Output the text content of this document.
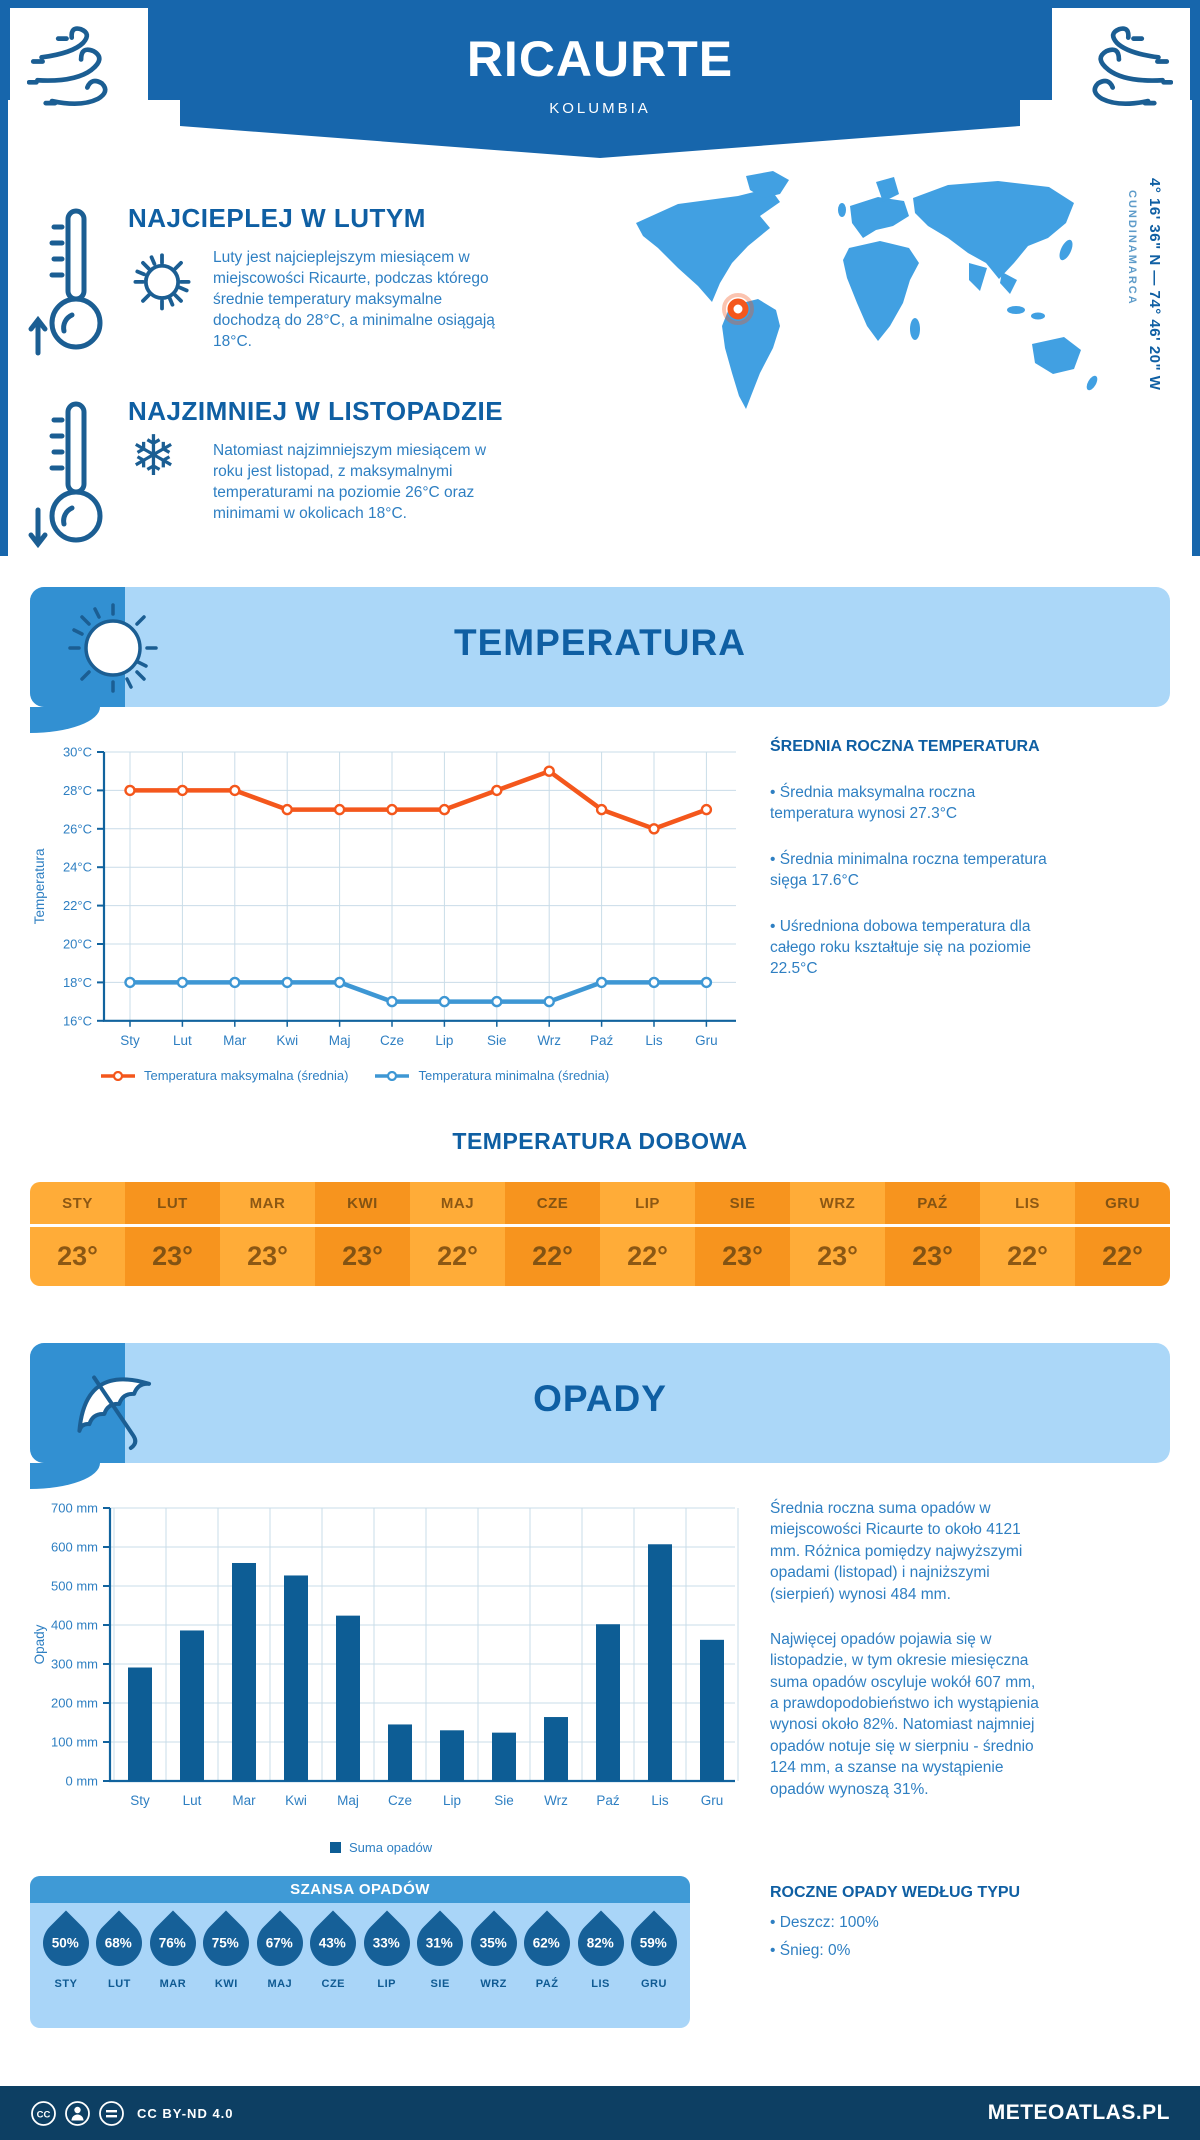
RICAURTE
KOLUMBIA
NAJCIEPLEJ W LUTYM
Luty jest najcieplejszym miesiącem w miejscowości Ricaurte, podczas którego średnie temperatury maksymalne dochodzą do 28°C, a minimalne osiągają 18°C.
NAJZIMNIEJ W LISTOPADZIE
❄ Natomiast najzimniejszym miesiącem w roku jest listopad, z maksymalnymi temperaturami na poziomie 26°C oraz minimami w okolicach 18°C.
CUNDINAMARCA 4° 16' 36" N — 74° 46' 20" W
TEMPERATURA
30°C
28°C
26°C
24°C
22°C
20°C
18°C
16°C
Sty Lut Mar Kwi Maj Cze Lip Sie Wrz Paź Lis Gru
Temperatura
Temperatura maksymalna (średnia)	Temperatura minimalna (średnia)
ŚREDNIA ROCZNA TEMPERATURA

• Średnia maksymalna roczna temperatura wynosi 27.3°C

• Średnia minimalna roczna temperatura sięga 17.6°C

• Uśredniona dobowa temperatura dla całego roku kształtuje się na poziomie 22.5°C

TEMPERATURA DOBOWA
STY
23°
LUT
23°
MAR
23°
KWI
23°
MAJ
22°
CZE
22°
LIP
22°
SIE
23°
WRZ
23°
PAŹ
23°
LIS
22°
GRU
22°
OPADY
700 mm
600 mm
500 mm
400 mm
300 mm
200 mm
100 mm
0 mm
Sty Lut Mar Kwi Maj Cze Lip Sie Wrz Paź Lis Gru
Opady
Suma opadów

Średnia roczna suma opadów w miejscowości Ricaurte to około 4121 mm. Różnica pomiędzy najwyższymi opadami (listopad) i najniższymi (sierpień) wynosi 484 mm.

Najwięcej opadów pojawia się w listopadzie, w tym okresie miesięczna suma opadów oscyluje wokół 607 mm, a prawdopodobieństwo ich wystąpienia wynosi około 82%. Natomiast najmniej opadów notuje się w sierpniu - średnio 124 mm, a szanse na wystąpienie opadów wynoszą 31%.

SZANSA OPADÓW
50%
STY
68%
LUT
76%
MAR
75%
KWI
67%
MAJ
43%
CZE
33%
LIP
31%
SIE
35%
WRZ
62%
PAŹ
82%
LIS
59%
GRU
ROCZNE OPADY WEDŁUG TYPU

• Deszcz: 100%

• Śnieg: 0%

CC	CC BY-ND 4.0	METEOATLAS.PL
